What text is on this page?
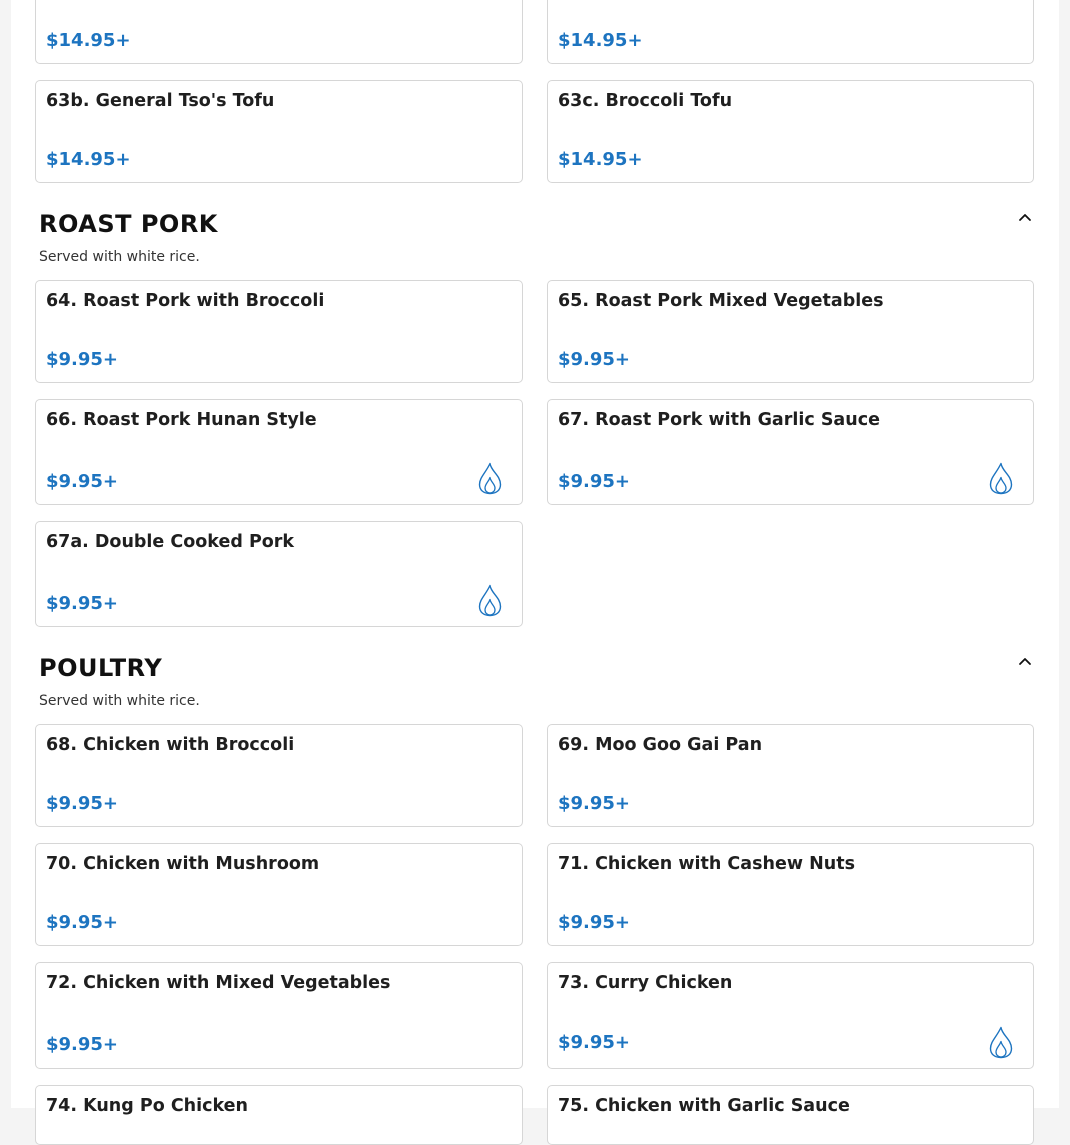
$14.95+	$14.95+
63b. General Tso's Tofu
$14.95+
63c. Broccoli Tofu
$14.95+
ROAST PORK
Served with white rice.
64. Roast Pork with Broccoli
$9.95+
65. Roast Pork Mixed Vegetables
$9.95+
66. Roast Pork Hunan Style
$9.95+
67. Roast Pork with Garlic Sauce
$9.95+
67a. Double Cooked Pork
$9.95+
POULTRY
Served with white rice.
68. Chicken with Broccoli
$9.95+
69. Moo Goo Gai Pan
$9.95+
70. Chicken with Mushroom
$9.95+
71. Chicken with Cashew Nuts
$9.95+
72. Chicken with Mixed Vegetables
$9.95+
73. Curry Chicken
$9.95+
74. Kung Po Chicken	75. Chicken with Garlic Sauce
